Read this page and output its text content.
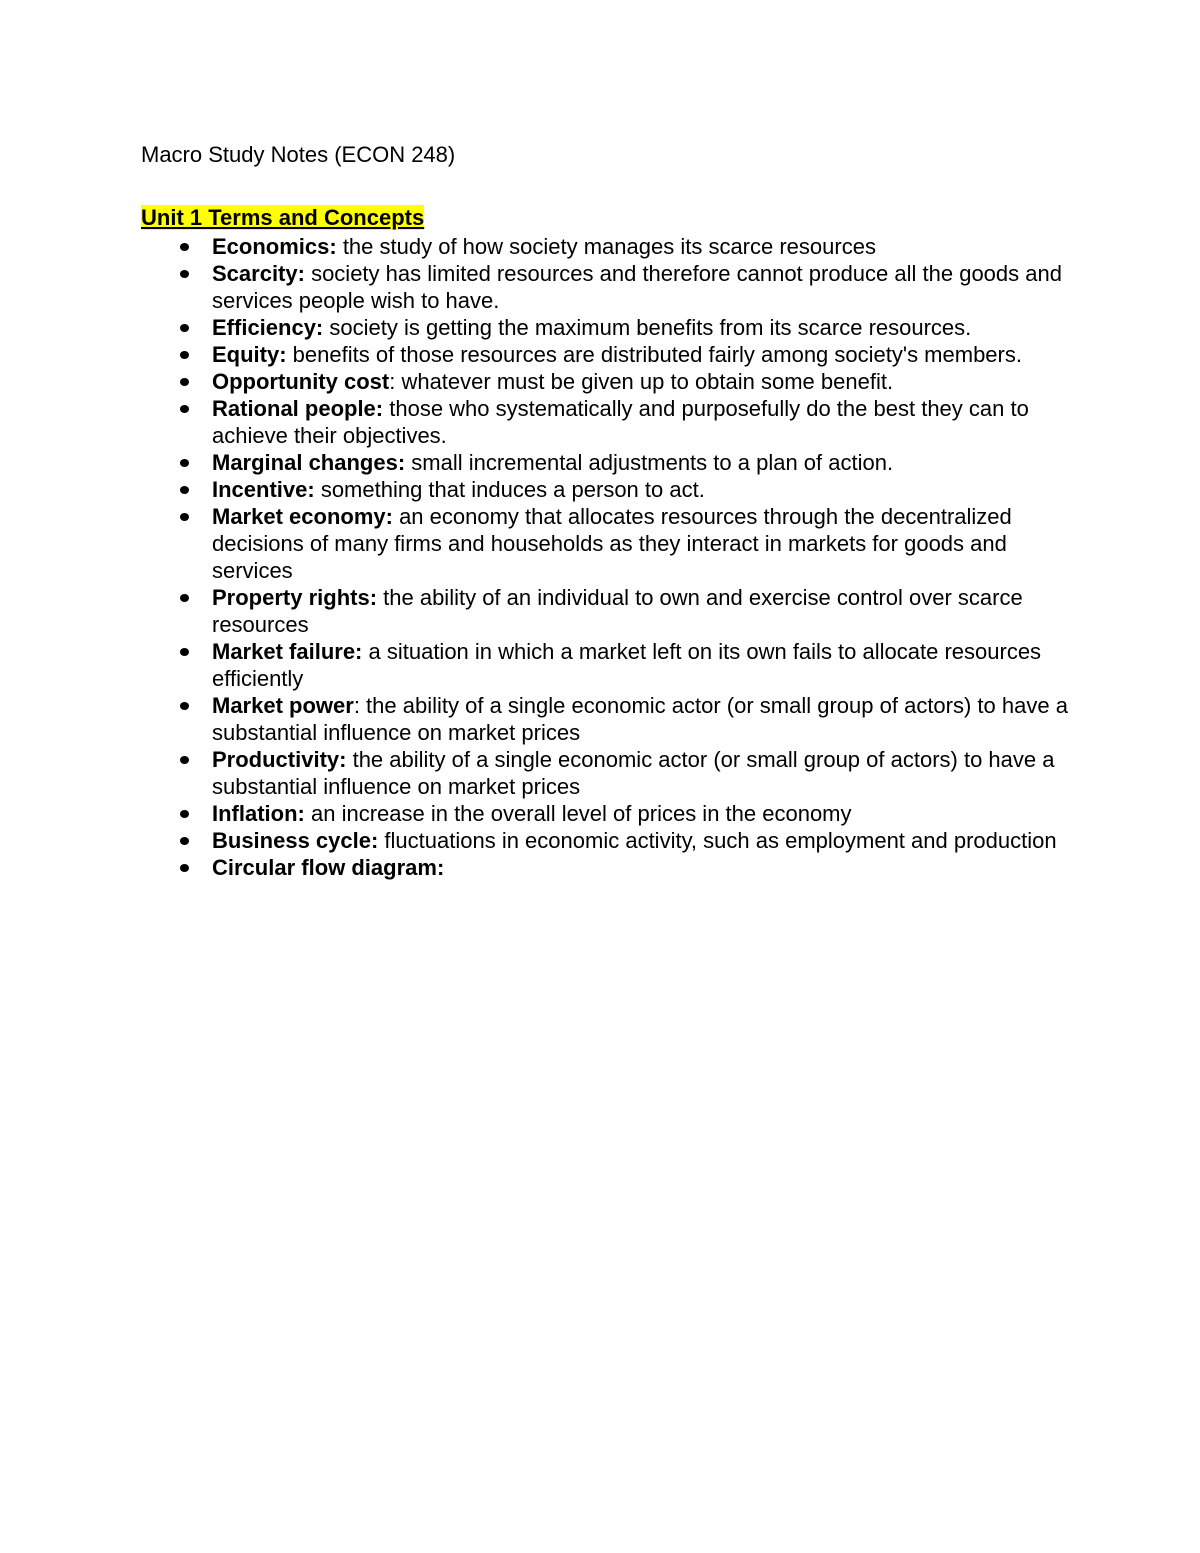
Macro Study Notes (ECON 248)

Unit 1 Terms and Concepts
Economics: the study of how society manages its scarce resources
Scarcity: society has limited resources and therefore cannot produce all the goods and services people wish to have.
Efficiency: society is getting the maximum benefits from its scarce resources.
Equity: benefits of those resources are distributed fairly among society's members.
Opportunity cost: whatever must be given up to obtain some benefit.
Rational people: those who systematically and purposefully do the best they can to achieve their objectives.
Marginal changes: small incremental adjustments to a plan of action.
Incentive: something that induces a person to act.
Market economy: an economy that allocates resources through the decentralized decisions of many firms and households as they interact in markets for goods and services
Property rights: the ability of an individual to own and exercise control over scarce resources
Market failure: a situation in which a market left on its own fails to allocate resources efficiently
Market power: the ability of a single economic actor (or small group of actors) to have a substantial influence on market prices
Productivity: the ability of a single economic actor (or small group of actors) to have a substantial influence on market prices
Inflation: an increase in the overall level of prices in the economy
Business cycle: fluctuations in economic activity, such as employment and production
Circular flow diagram:
